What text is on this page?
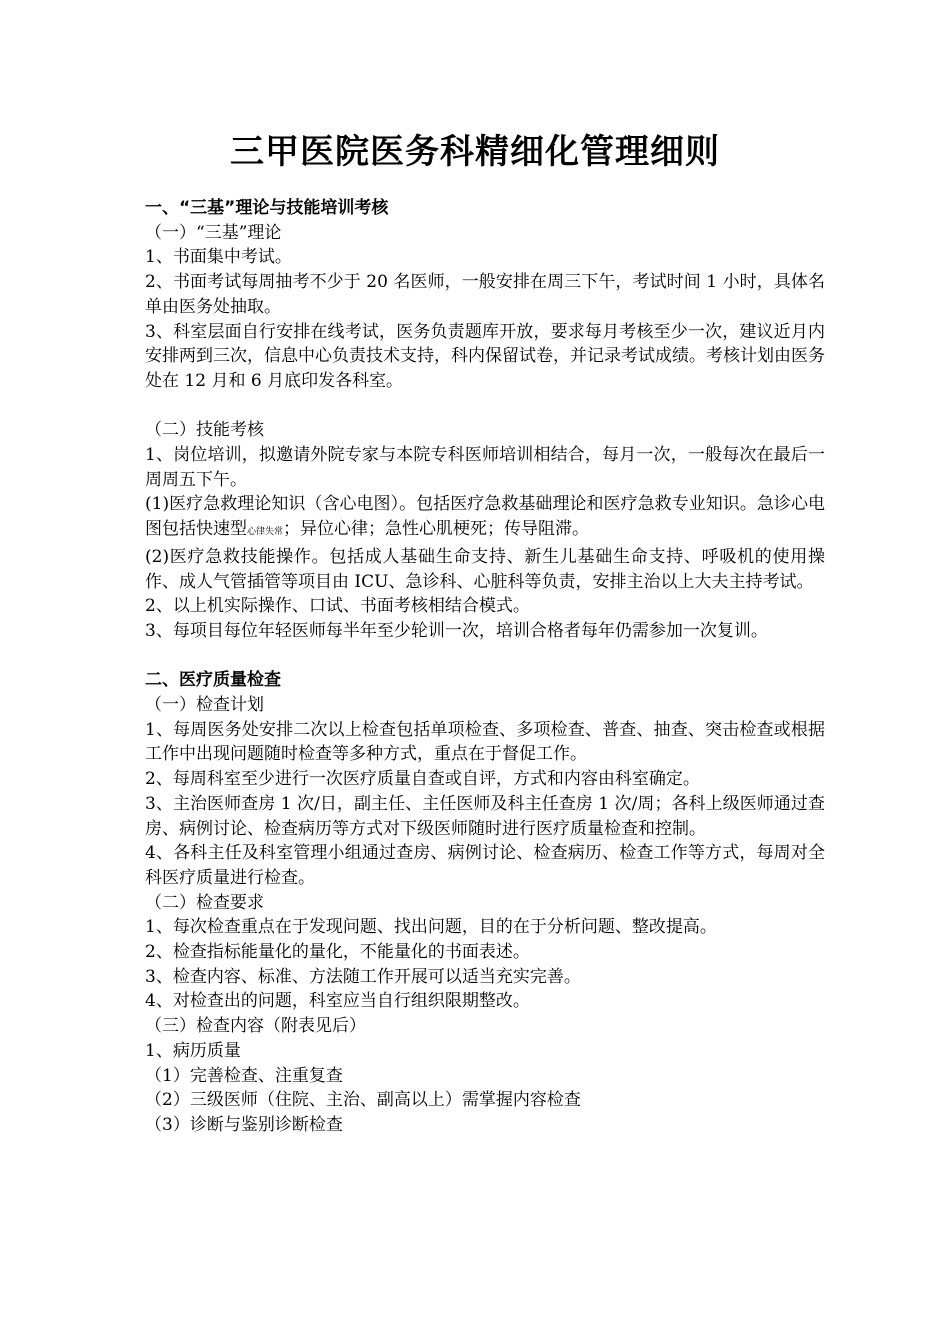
三甲医院医务科精细化管理细则

一、“三基”理论与技能培训考核

（一）“三基”理论

1、书面集中考试。

2、书面考试每周抽考不少于 20 名医师，一般安排在周三下午，考试时间 1 小时，具体名单由医务处抽取。

3、科室层面自行安排在线考试，医务负责题库开放，要求每月考核至少一次，建议近月内安排两到三次，信息中心负责技术支持，科内保留试卷，并记录考试成绩。考核计划由医务处在 12 月和 6 月底印发各科室。

（二）技能考核

1、岗位培训，拟邀请外院专家与本院专科医师培训相结合，每月一次，一般每次在最后一周周五下午。

(1)医疗急救理论知识（含心电图）。包括医疗急救基础理论和医疗急救专业知识。急诊心电图包括快速型心律失常；异位心律；急性心肌梗死；传导阻滞。

(2)医疗急救技能操作。包括成人基础生命支持、新生儿基础生命支持、呼吸机的使用操作、成人气管插管等项目由 ICU、急诊科、心脏科等负责，安排主治以上大夫主持考试。

2、以上机实际操作、口试、书面考核相结合模式。

3、每项目每位年轻医师每半年至少轮训一次，培训合格者每年仍需参加一次复训。

二、医疗质量检查

（一）检查计划

1、每周医务处安排二次以上检查包括单项检查、多项检查、普查、抽查、突击检查或根据工作中出现问题随时检查等多种方式，重点在于督促工作。

2、每周科室至少进行一次医疗质量自查或自评，方式和内容由科室确定。

3、主治医师查房 1 次/日，副主任、主任医师及科主任查房 1 次/周；各科上级医师通过查房、病例讨论、检查病历等方式对下级医师随时进行医疗质量检查和控制。

4、各科主任及科室管理小组通过查房、病例讨论、检查病历、检查工作等方式，每周对全科医疗质量进行检查。

（二）检查要求

1、每次检查重点在于发现问题、找出问题，目的在于分析问题、整改提高。

2、检查指标能量化的量化，不能量化的书面表述。

3、检查内容、标准、方法随工作开展可以适当充实完善。

4、对检查出的问题，科室应当自行组织限期整改。

（三）检查内容（附表见后）

1、病历质量

（1）完善检查、注重复查

（2）三级医师（住院、主治、副高以上）需掌握内容检查

（3）诊断与鉴别诊断检查
